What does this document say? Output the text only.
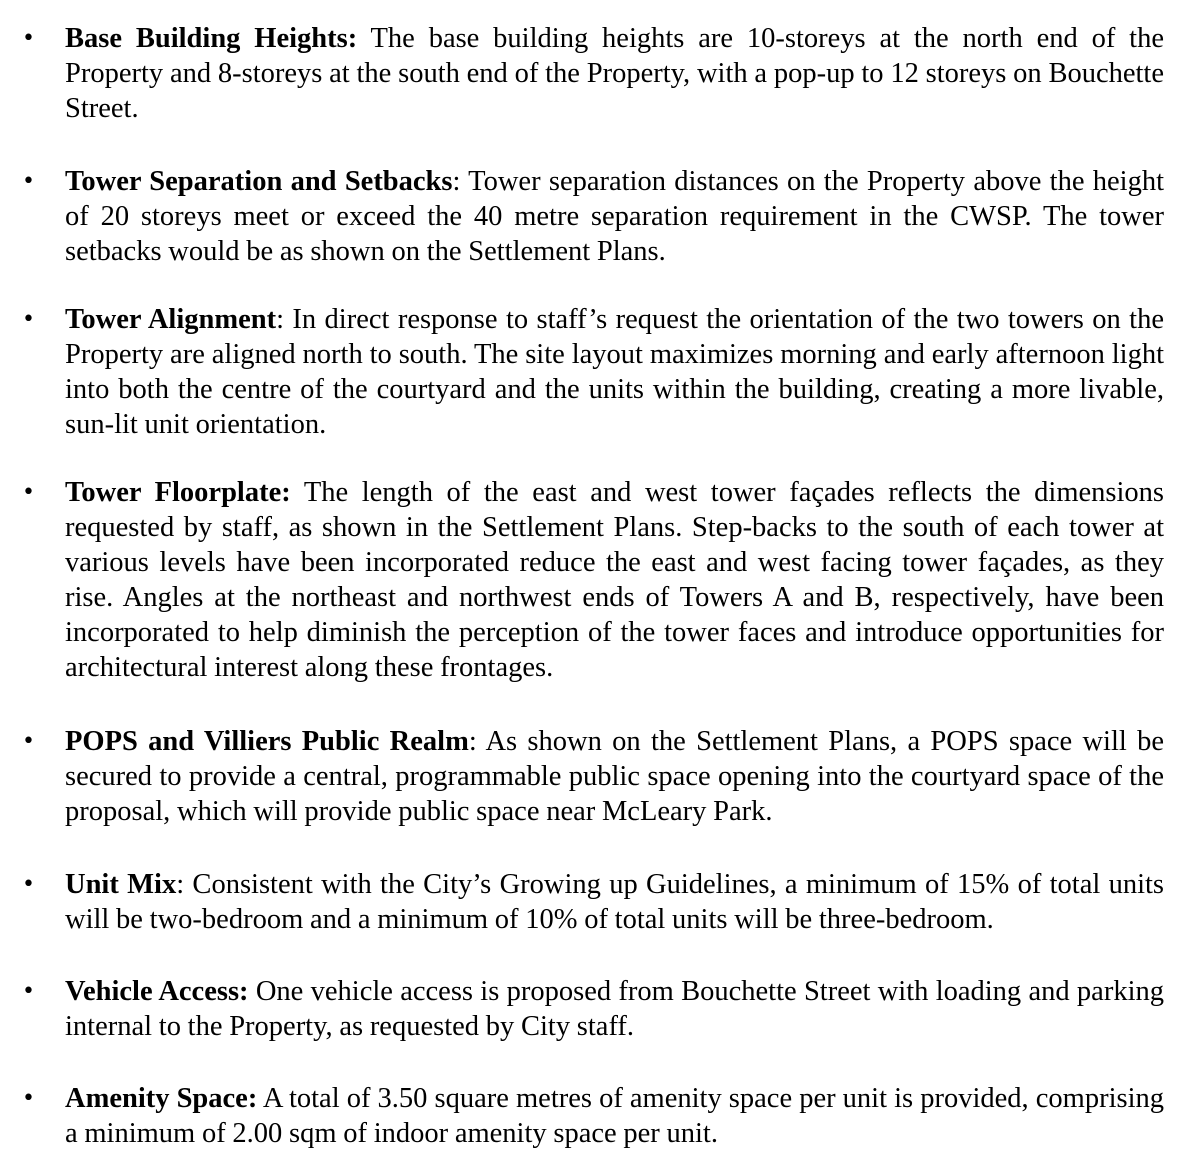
•	Base Building Heights: The base building heights are 10-storeys at the north end of the Property and 8-storeys at the south end of the Property, with a pop-up to 12 storeys on Bouchette Street.

•	Tower Separation and Setbacks: Tower separation distances on the Property above the height of 20 storeys meet or exceed the 40 metre separation requirement in the CWSP. The tower setbacks would be as shown on the Settlement Plans.

•	Tower Alignment: In direct response to staff’s request the orientation of the two towers on the Property are aligned north to south. The site layout maximizes morning and early afternoon light into both the centre of the courtyard and the units within the building, creating a more livable, sun-lit unit orientation.

•	Tower Floorplate: The length of the east and west tower façades reflects the dimensions requested by staff, as shown in the Settlement Plans. Step-backs to the south of each tower at various levels have been incorporated reduce the east and west facing tower façades, as they rise. Angles at the northeast and northwest ends of Towers A and B, respectively, have been incorporated to help diminish the perception of the tower faces and introduce opportunities for architectural interest along these frontages.

•	POPS and Villiers Public Realm: As shown on the Settlement Plans, a POPS space will be secured to provide a central, programmable public space opening into the courtyard space of the proposal, which will provide public space near McLeary Park.

•	Unit Mix: Consistent with the City’s Growing up Guidelines, a minimum of 15% of total units will be two-bedroom and a minimum of 10% of total units will be three-bedroom.

•	Vehicle Access: One vehicle access is proposed from Bouchette Street with loading and parking internal to the Property, as requested by City staff.

•	Amenity Space: A total of 3.50 square metres of amenity space per unit is provided, comprising a minimum of 2.00 sqm of indoor amenity space per unit.
